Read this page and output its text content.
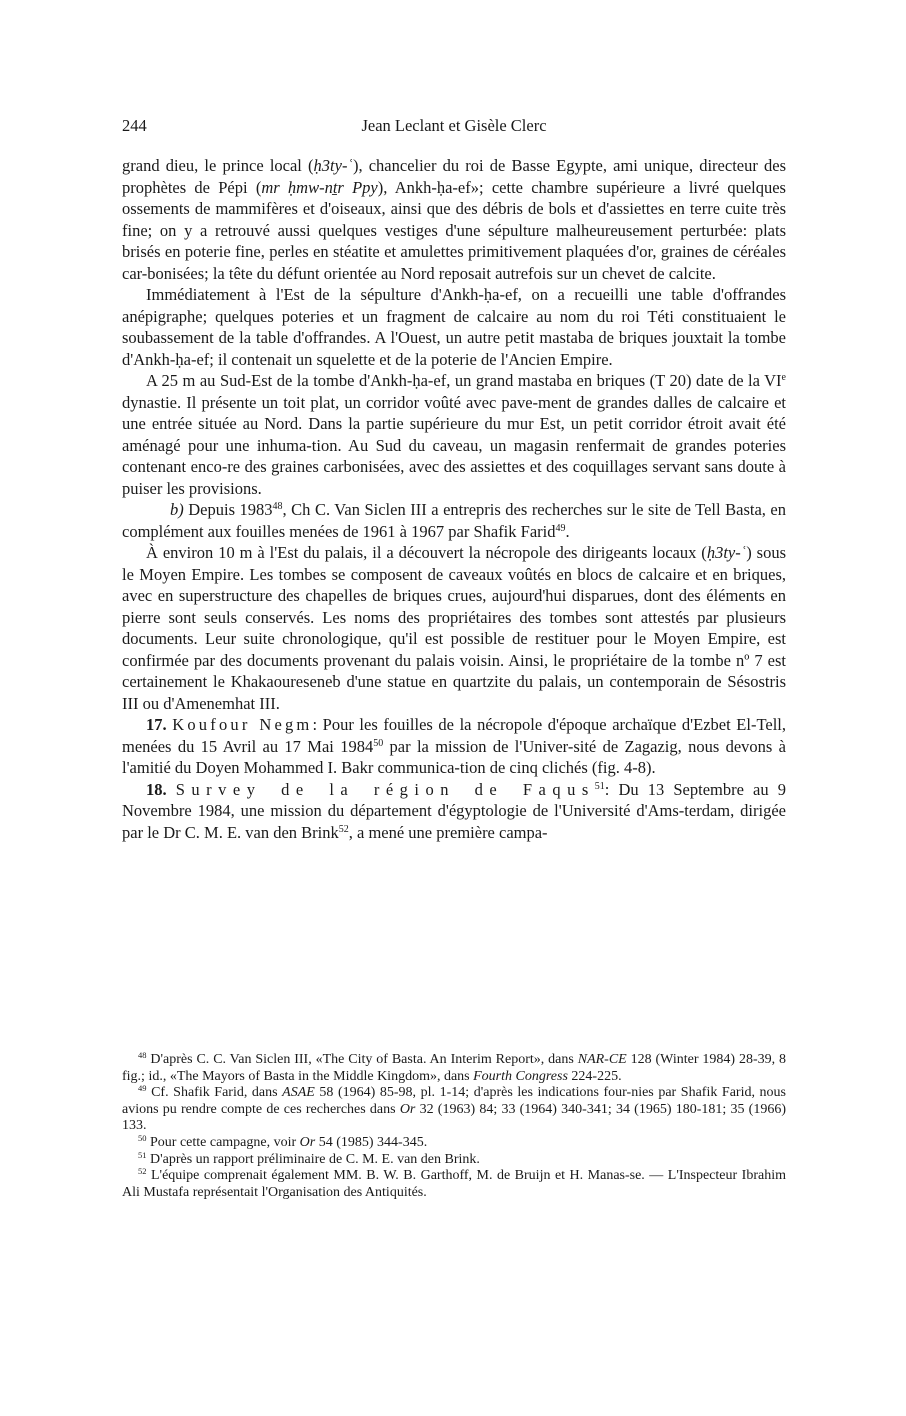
244	Jean Leclant et Gisèle Clerc

grand dieu, le prince local (ḥ3ty-ʿ), chancelier du roi de Basse Egypte, ami unique, directeur des prophètes de Pépi (mr ḥmw-nṯr Ppy), Ankh-ḥa-ef»; cette chambre supérieure a livré quelques ossements de mammifères et d'oiseaux, ainsi que des débris de bols et d'assiettes en terre cuite très fine; on y a retrouvé aussi quelques vestiges d'une sépulture malheureusement perturbée: plats brisés en poterie fine, perles en stéatite et amulettes primitivement plaquées d'or, graines de céréales car-bonisées; la tête du défunt orientée au Nord reposait autrefois sur un chevet de calcite.

Immédiatement à l'Est de la sépulture d'Ankh-ḥa-ef, on a recueilli une table d'offrandes anépigraphe; quelques poteries et un fragment de calcaire au nom du roi Téti constituaient le soubassement de la table d'offrandes. A l'Ouest, un autre petit mastaba de briques jouxtait la tombe d'Ankh-ḥa-ef; il contenait un squelette et de la poterie de l'Ancien Empire.

A 25 m au Sud-Est de la tombe d'Ankh-ḥa-ef, un grand mastaba en briques (T 20) date de la VIe dynastie. Il présente un toit plat, un corridor voûté avec pave-ment de grandes dalles de calcaire et une entrée située au Nord. Dans la partie supérieure du mur Est, un petit corridor étroit avait été aménagé pour une inhuma-tion. Au Sud du caveau, un magasin renfermait de grandes poteries contenant enco-re des graines carbonisées, avec des assiettes et des coquillages servant sans doute à puiser les provisions.

b) Depuis 1983$^{48}$, Ch C. Van Siclen III a entrepris des recherches sur le site de Tell Basta, en complément aux fouilles menées de 1961 à 1967 par Shafik Farid$^{49}$.

À environ 10 m à l'Est du palais, il a découvert la nécropole des dirigeants locaux (ḥ3ty-ʿ) sous le Moyen Empire. Les tombes se composent de caveaux voûtés en blocs de calcaire et en briques, avec en superstructure des chapelles de briques crues, aujourd'hui disparues, dont des éléments en pierre sont seuls conservés. Les noms des propriétaires des tombes sont attestés par plusieurs documents. Leur suite chronologique, qu'il est possible de restituer pour le Moyen Empire, est confirmée par des documents provenant du palais voisin. Ainsi, le propriétaire de la tombe nº 7 est certainement le Khakaoureseneb d'une statue en quartzite du palais, un contemporain de Sésostris III ou d'Amenemhat III.

17. Koufour Negm: Pour les fouilles de la nécropole d'époque archaïque d'Ezbet El-Tell, menées du 15 Avril au 17 Mai 1984$^{50}$ par la mission de l'Univer-sité de Zagazig, nous devons à l'amitié du Doyen Mohammed I. Bakr communica-tion de cinq clichés (fig. 4-8).

18. Survey de la région de Faqus$^{51}$: Du 13 Septembre au 9 Novembre 1984, une mission du département d'égyptologie de l'Université d'Ams-terdam, dirigée par le Dr C. M. E. van den Brink$^{52}$, a mené une première campa-

$^{48}$ D'après C. C. Van Siclen III, «The City of Basta. An Interim Report», dans NAR-CE 128 (Winter 1984) 28-39, 8 fig.; id., «The Mayors of Basta in the Middle Kingdom», dans Fourth Congress 224-225.

$^{49}$ Cf. Shafik Farid, dans ASAE 58 (1964) 85-98, pl. 1-14; d'après les indications four-nies par Shafik Farid, nous avions pu rendre compte de ces recherches dans Or 32 (1963) 84; 33 (1964) 340-341; 34 (1965) 180-181; 35 (1966) 133.

$^{50}$ Pour cette campagne, voir Or 54 (1985) 344-345.

$^{51}$ D'après un rapport préliminaire de C. M. E. van den Brink.

$^{52}$ L'équipe comprenait également MM. B. W. B. Garthoff, M. de Bruijn et H. Manas-se. — L'Inspecteur Ibrahim Ali Mustafa représentait l'Organisation des Antiquités.
